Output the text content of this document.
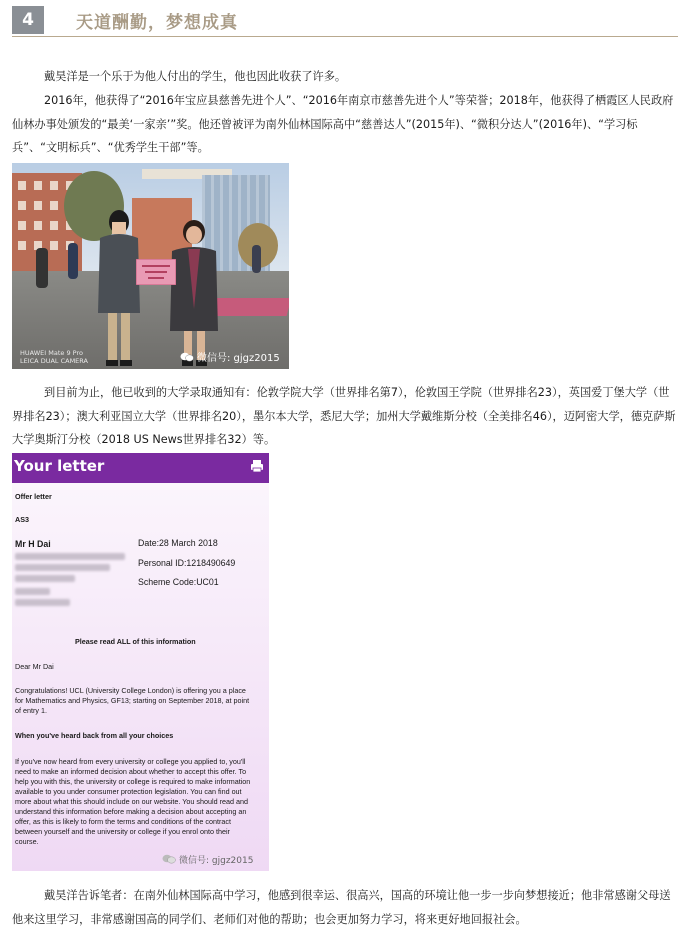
4	天道酬勤，梦想成真
戴昊洋是一个乐于为他人付出的学生，他也因此收获了许多。
2016年，他获得了“2016年宝应县慈善先进个人”、“2016年南京市慈善先进个人”等荣誉；2018年，他获得了栖霞区人民政府仙林办事处颁发的“最美‘一家亲’”奖。他还曾被评为南外仙林国际高中“慈善达人”(2015年)、“微积分达人”(2016年)、“学习标兵”、“文明标兵”、“优秀学生干部”等。
HUAWEI Mate 9 Pro
LEICA DUAL CAMERA	微信号: gjgz2015
到目前为止，他已收到的大学录取通知有：伦敦学院大学（世界排名第7），伦敦国王学院（世界排名23），英国爱丁堡大学（世界排名23）；澳大利亚国立大学（世界排名20），墨尔本大学，悉尼大学；加州大学戴维斯分校（全美排名46），迈阿密大学，德克萨斯大学奥斯汀分校（2018 US News世界排名32）等。
Your letter
Offer letter
AS3
Mr H Dai	Date:28 March 2018
Personal ID:1218490649
Scheme Code:UC01
Please read ALL of this information
Dear Mr Dai
Congratulations! UCL (University College London) is offering you a place
for Mathematics and Physics, GF13; starting on September 2018, at point
of entry 1.
When you've heard back from all your choices
If you've now heard from every university or college you applied to, you'll
need to make an informed decision about whether to accept this offer. To
help you with this, the university or college is required to make information
available to you under consumer protection legislation. You can find out
more about what this should include on our website. You should read and
understand this information before making a decision about accepting an
offer, as this is likely to form the terms and conditions of the contract
between yourself and the university or college if you enrol onto their
course.
微信号: gjgz2015
戴昊洋告诉笔者：在南外仙林国际高中学习，他感到很幸运、很高兴，国高的环境让他一步一步向梦想接近；他非常感谢父母送他来这里学习，非常感谢国高的同学们、老师们对他的帮助；也会更加努力学习，将来更好地回报社会。
